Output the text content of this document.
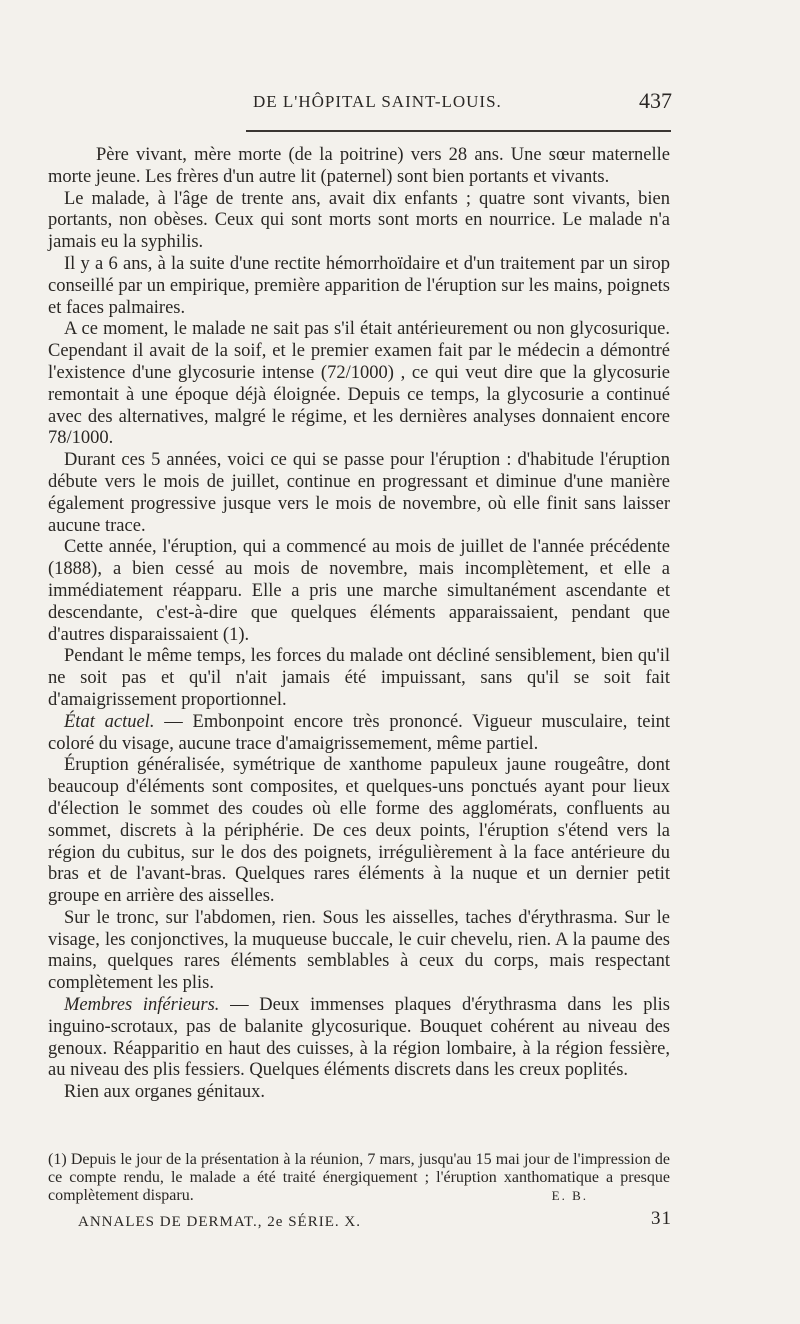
DE L'HÔPITAL SAINT-LOUIS.	437

Père vivant, mère morte (de la poitrine) vers 28 ans. Une sœur maternelle morte jeune. Les frères d'un autre lit (paternel) sont bien portants et vivants.

Le malade, à l'âge de trente ans, avait dix enfants ; quatre sont vivants, bien portants, non obèses. Ceux qui sont morts sont morts en nourrice. Le malade n'a jamais eu la syphilis.

Il y a 6 ans, à la suite d'une rectite hémorrhoïdaire et d'un traitement par un sirop conseillé par un empirique, première apparition de l'éruption sur les mains, poignets et faces palmaires.

A ce moment, le malade ne sait pas s'il était antérieurement ou non glycosurique. Cependant il avait de la soif, et le premier examen fait par le médecin a démontré l'existence d'une glycosurie intense (72/1000) , ce qui veut dire que la glycosurie remontait à une époque déjà éloignée. Depuis ce temps, la glycosurie a continué avec des alternatives, malgré le régime, et les dernières analyses donnaient encore 78/1000.

Durant ces 5 années, voici ce qui se passe pour l'éruption : d'habitude l'éruption débute vers le mois de juillet, continue en progressant et diminue d'une manière également progressive jusque vers le mois de novembre, où elle finit sans laisser aucune trace.

Cette année, l'éruption, qui a commencé au mois de juillet de l'année précédente (1888), a bien cessé au mois de novembre, mais incomplètement, et elle a immédiatement réapparu. Elle a pris une marche simultanément ascendante et descendante, c'est-à-dire que quelques éléments apparaissaient, pendant que d'autres disparaissaient (1).

Pendant le même temps, les forces du malade ont décliné sensiblement, bien qu'il ne soit pas et qu'il n'ait jamais été impuissant, sans qu'il se soit fait d'amaigrissement proportionnel.

État actuel. — Embonpoint encore très prononcé. Vigueur musculaire, teint coloré du visage, aucune trace d'amaigrissemement, même partiel.

Éruption généralisée, symétrique de xanthome papuleux jaune rougeâtre, dont beaucoup d'éléments sont composites, et quelques-uns ponctués ayant pour lieux d'élection le sommet des coudes où elle forme des agglomérats, confluents au sommet, discrets à la périphérie. De ces deux points, l'éruption s'étend vers la région du cubitus, sur le dos des poignets, irrégulièrement à la face antérieure du bras et de l'avant-bras. Quelques rares éléments à la nuque et un dernier petit groupe en arrière des aisselles.

Sur le tronc, sur l'abdomen, rien. Sous les aisselles, taches d'érythrasma. Sur le visage, les conjonctives, la muqueuse buccale, le cuir chevelu, rien. A la paume des mains, quelques rares éléments semblables à ceux du corps, mais respectant complètement les plis.

Membres inférieurs. — Deux immenses plaques d'érythrasma dans les plis inguino-scrotaux, pas de balanite glycosurique. Bouquet cohérent au niveau des genoux. Réapparitio en haut des cuisses, à la région lombaire, à la région fessière, au niveau des plis fessiers. Quelques éléments discrets dans les creux poplités.

Rien aux organes génitaux.

(1) Depuis le jour de la présentation à la réunion, 7 mars, jusqu'au 15 mai jour de l'impression de ce compte rendu, le malade a été traité énergiquement ; l'éruption xanthomatique a presque complètement disparu.	E. B.

ANNALES DE DERMAT., 2e SÉRIE. X.	31
